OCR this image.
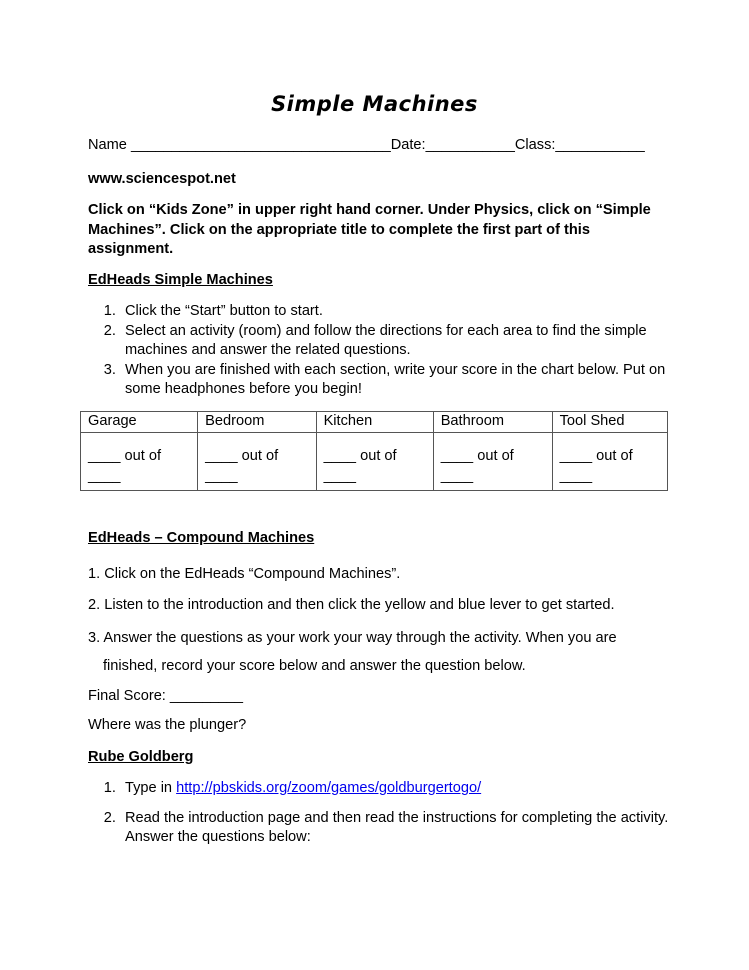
Simple Machines
Name ________________________________Date:___________Class:___________
www.sciencespot.net
Click on “Kids Zone” in upper right hand corner. Under Physics, click on “Simple Machines”. Click on the appropriate title to complete the first part of this assignment.
EdHeads Simple Machines
1. Click the “Start” button to start.
2. Select an activity (room) and follow the directions for each area to find the simple machines and answer the related questions.
3. When you are finished with each section, write your score in the chart below. Put on some headphones before you begin!
Garage	Bedroom	Kitchen	Bathroom	Tool Shed
____ out of ____	____ out of ____	____ out of ____	____ out of ____	____ out of ____
EdHeads – Compound Machines
1. Click on the EdHeads “Compound Machines”.
2. Listen to the introduction and then click the yellow and blue lever to get started.
3. Answer the questions as your work your way through the activity. When you are
finished, record your score below and answer the question below.
Final Score: _________
Where was the plunger?
Rube Goldberg
1. Type in http://pbskids.org/zoom/games/goldburgertogo/
2. Read the introduction page and then read the instructions for completing the activity. Answer the questions below:
